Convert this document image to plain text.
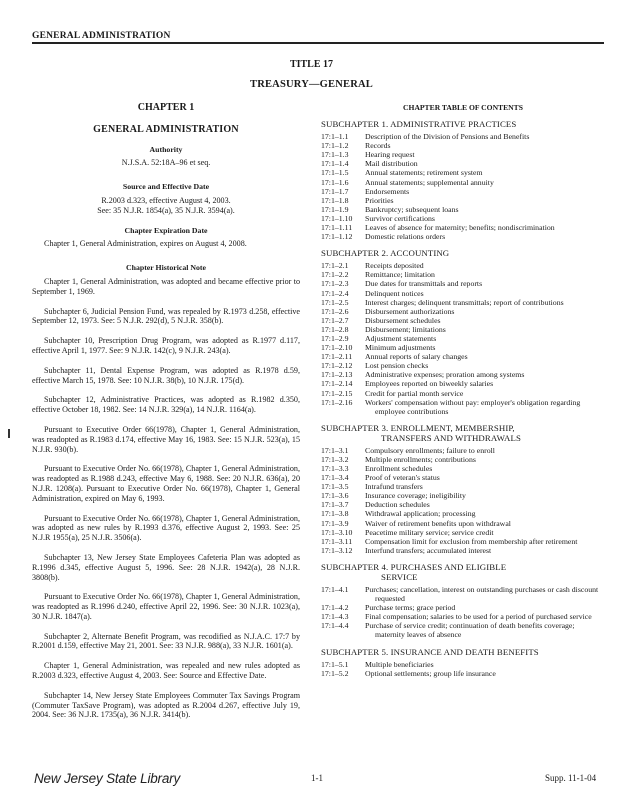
GENERAL ADMINISTRATION
TITLE 17
TREASURY—GENERAL
CHAPTER 1
GENERAL ADMINISTRATION
Authority
N.J.S.A. 52:18A–96 et seq.
Source and Effective Date
R.2003 d.323, effective August 4, 2003.
See: 35 N.J.R. 1854(a), 35 N.J.R. 3594(a).
Chapter Expiration Date

Chapter 1, General Administration, expires on August 4, 2008.

Chapter Historical Note

Chapter 1, General Administration, was adopted and became effective prior to September 1, 1969.

Subchapter 6, Judicial Pension Fund, was repealed by R.1973 d.258, effective September 12, 1973. See: 5 N.J.R. 292(d), 5 N.J.R. 358(b).

Subchapter 10, Prescription Drug Program, was adopted as R.1977 d.117, effective April 1, 1977. See: 9 N.J.R. 142(c), 9 N.J.R. 243(a).

Subchapter 11, Dental Expense Program, was adopted as R.1978 d.59, effective March 15, 1978. See: 10 N.J.R. 38(b), 10 N.J.R. 175(d).

Subchapter 12, Administrative Practices, was adopted as R.1982 d.350, effective October 18, 1982. See: 14 N.J.R. 329(a), 14 N.J.R. 1164(a).

Pursuant to Executive Order 66(1978), Chapter 1, General Administration, was readopted as R.1983 d.174, effective May 16, 1983. See: 15 N.J.R. 523(a), 15 N.J.R. 930(b).

Pursuant to Executive Order No. 66(1978), Chapter 1, General Administration, was readopted as R.1988 d.243, effective May 6, 1988. See: 20 N.J.R. 636(a), 20 N.J.R. 1208(a). Pursuant to Executive Order No. 66(1978), Chapter 1, General Administration, expired on May 6, 1993.

Pursuant to Executive Order No. 66(1978), Chapter 1, General Administration, was adopted as new rules by R.1993 d.376, effective August 2, 1993. See: 25 N.J.R 1955(a), 25 N.J.R. 3506(a).

Subchapter 13, New Jersey State Employees Cafeteria Plan was adopted as R.1996 d.345, effective August 5, 1996. See: 28 N.J.R. 1942(a), 28 N.J.R. 3808(b).

Pursuant to Executive Order No. 66(1978), Chapter 1, General Administration, was readopted as R.1996 d.240, effective April 22, 1996. See: 30 N.J.R. 1023(a), 30 N.J.R. 1847(a).

Subchapter 2, Alternate Benefit Program, was recodified as N.J.A.C. 17:7 by R.2001 d.159, effective May 21, 2001. See: 33 N.J.R. 988(a), 33 N.J.R. 1601(a).

Chapter 1, General Administration, was repealed and new rules adopted as R.2003 d.323, effective August 4, 2003. See: Source and Effective Date.

Subchapter 14, New Jersey State Employees Commuter Tax Savings Program (Commuter TaxSave Program), was adopted as R.2004 d.267, effective July 19, 2004. See: 36 N.J.R. 1735(a), 36 N.J.R. 3414(b).

CHAPTER TABLE OF CONTENTS
SUBCHAPTER 1. ADMINISTRATIVE PRACTICES
17:1–1.1	Description of the Division of Pensions and Benefits
17:1–1.2	Records
17:1–1.3	Hearing request
17:1–1.4	Mail distribution
17:1–1.5	Annual statements; retirement system
17:1–1.6	Annual statements; supplemental annuity
17:1–1.7	Endorsements
17:1–1.8	Priorities
17:1–1.9	Bankruptcy; subsequent loans
17:1–1.10	Survivor certifications
17:1–1.11	Leaves of absence for maternity; benefits; nondiscrimination
17:1–1.12	Domestic relations orders
SUBCHAPTER 2. ACCOUNTING
17:1–2.1	Receipts deposited
17:1–2.2	Remittance; limitation
17:1–2.3	Due dates for transmittals and reports
17:1–2.4	Delinquent notices
17:1–2.5	Interest charges; delinquent transmittals; report of contributions
17:1–2.6	Disbursement authorizations
17:1–2.7	Disbursement schedules
17:1–2.8	Disbursement; limitations
17:1–2.9	Adjustment statements
17:1–2.10	Minimum adjustments
17:1–2.11	Annual reports of salary changes
17:1–2.12	Lost pension checks
17:1–2.13	Administrative expenses; proration among systems
17:1–2.14	Employees reported on biweekly salaries
17:1–2.15	Credit for partial month service
17:1–2.16	Workers' compensation without pay: employer's obligation regarding employee contributions
SUBCHAPTER 3. ENROLLMENT, MEMBERSHIP,
TRANSFERS AND WITHDRAWALS
17:1–3.1	Compulsory enrollments; failure to enroll
17:1–3.2	Multiple enrollments; contributions
17:1–3.3	Enrollment schedules
17:1–3.4	Proof of veteran's status
17:1–3.5	Intrafund transfers
17:1–3.6	Insurance coverage; ineligibility
17:1–3.7	Deduction schedules
17:1–3.8	Withdrawal application; processing
17:1–3.9	Waiver of retirement benefits upon withdrawal
17:1–3.10	Peacetime military service; service credit
17:1–3.11	Compensation limit for exclusion from membership after retirement
17:1–3.12	Interfund transfers; accumulated interest
SUBCHAPTER 4. PURCHASES AND ELIGIBLE
SERVICE
17:1–4.1	Purchases; cancellation, interest on outstanding purchases or cash discount requested
17:1–4.2	Purchase terms; grace period
17:1–4.3	Final compensation; salaries to be used for a period of purchased service
17:1–4.4	Purchase of service credit; continuation of death benefits coverage; maternity leaves of absence
SUBCHAPTER 5. INSURANCE AND DEATH BENEFITS
17:1–5.1	Multiple beneficiaries
17:1–5.2	Optional settlements; group life insurance
New Jersey State Library	1-1	Supp. 11-1-04
